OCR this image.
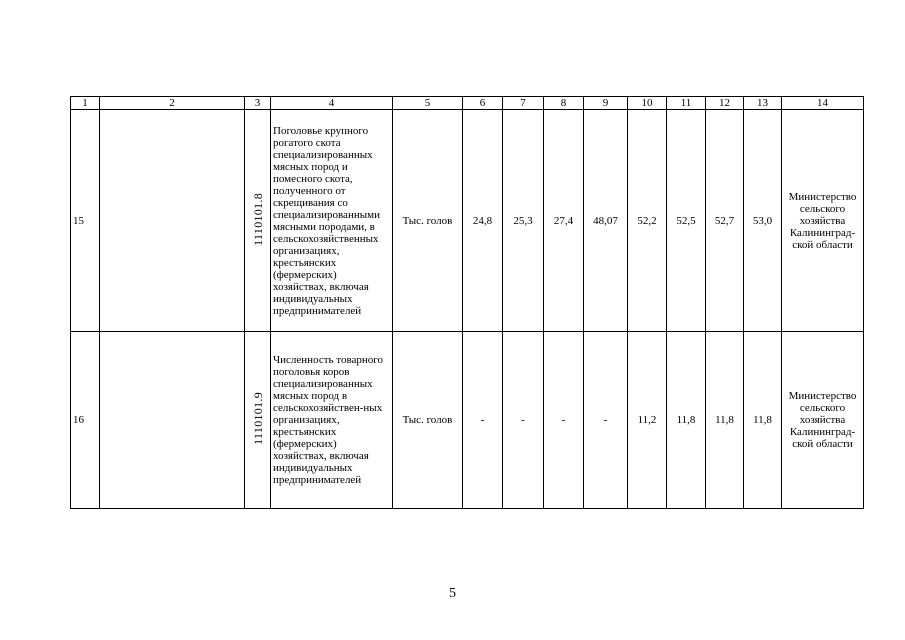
1	2	3	4	5	6	7	8	9	10	11	12	13	14
15		1110101.8	Поголовье крупного рогатого скота специализированных мясных пород и помесного скота, полученного от скрещивания со специализированными мясными породами, в сельскохозяйственных организациях, крестьянских (фермерских) хозяйствах, включая индивидуальных предпринимателей	Тыс. голов	24,8	25,3	27,4	48,07	52,2	52,5	52,7	53,0	Министерство сельского хозяйства Калинингрaд-ской области
16		1110101.9	Численность товарного поголовья коров специализированных мясных пород в сельскохозяйствен-ных организациях, крестьянских (фермерских) хозяйствах, включая индивидуальных предпринимателей	Тыс. голов	-	-	-	-	11,2	11,8	11,8	11,8	Министерство сельского хозяйства Калинингрaд-ской области
5
